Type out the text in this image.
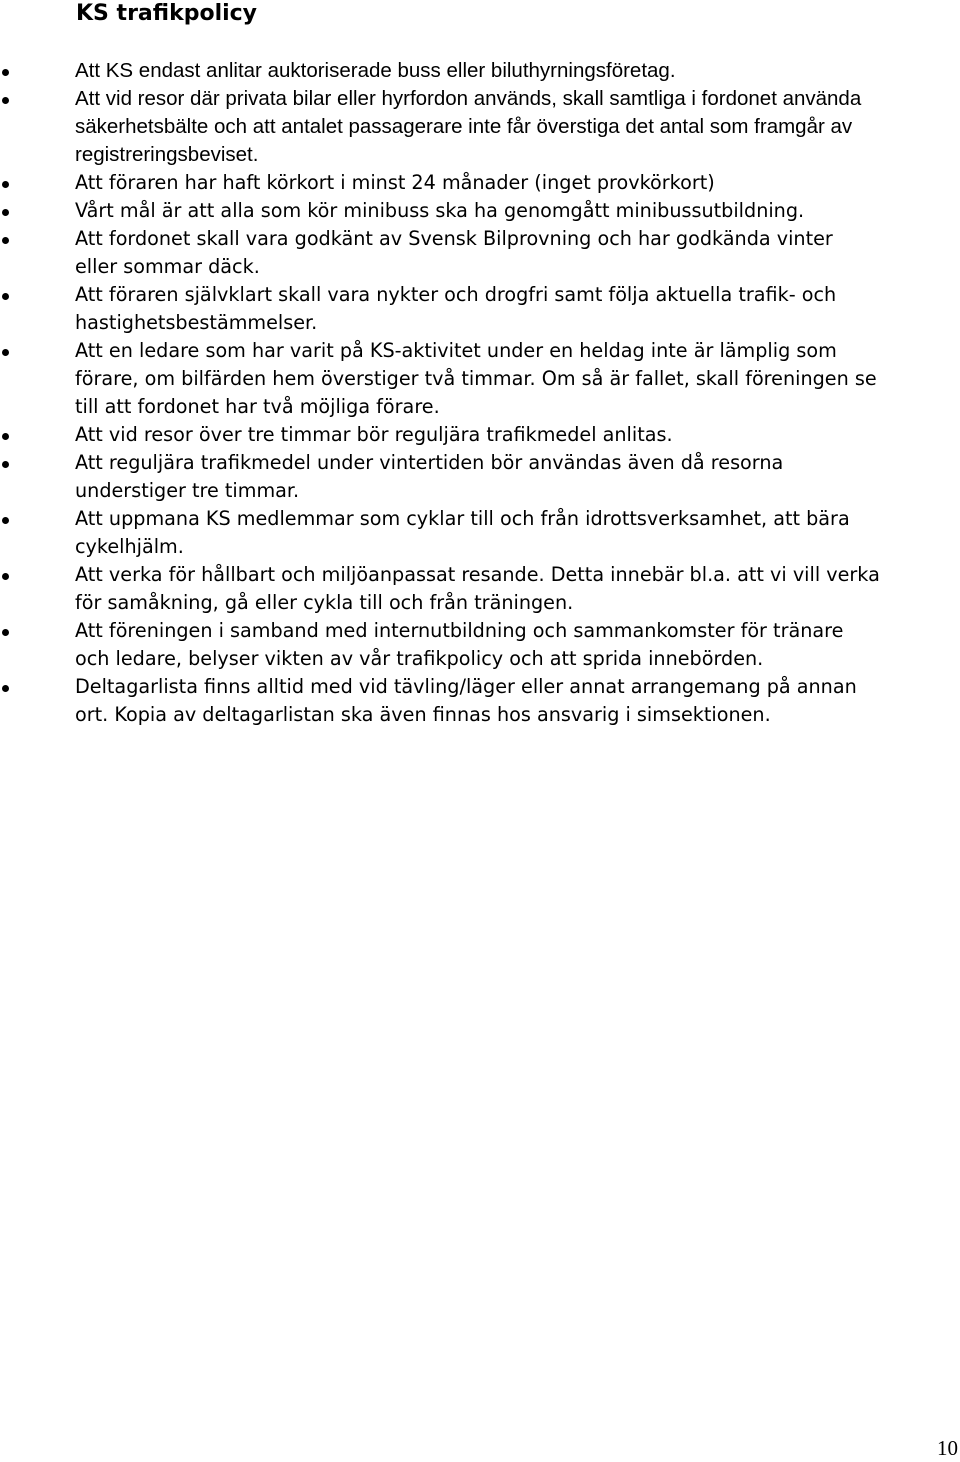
KS trafikpolicy
Att KS endast anlitar auktoriserade buss eller biluthyrningsföretag.
Att vid resor där privata bilar eller hyrfordon används, skall samtliga i fordonet använda säkerhetsbälte och att antalet passagerare inte får överstiga det antal som framgår av registreringsbeviset.
Att föraren har haft körkort i minst 24 månader (inget provkörkort)
Vårt mål är att alla som kör minibuss ska ha genomgått minibussutbildning.
Att fordonet skall vara godkänt av Svensk Bilprovning och har godkända vinter eller sommar däck.
Att föraren självklart skall vara nykter och drogfri samt följa aktuella trafik- och hastighetsbestämmelser.
Att en ledare som har varit på KS-aktivitet under en heldag inte är lämplig som förare, om bilfärden hem överstiger två timmar. Om så är fallet, skall föreningen se till att fordonet har två möjliga förare.
Att vid resor över tre timmar bör reguljära trafikmedel anlitas.
Att reguljära trafikmedel under vintertiden bör användas även då resorna understiger tre timmar.
Att uppmana KS medlemmar som cyklar till och från idrottsverksamhet, att bära cykelhjälm.
Att verka för hållbart och miljöanpassat resande. Detta innebär bl.a. att vi vill verka för samåkning, gå eller cykla till och från träningen.
Att föreningen i samband med internutbildning och sammankomster för tränare och ledare, belyser vikten av vår trafikpolicy och att sprida innebörden.
Deltagarlista finns alltid med vid tävling/läger eller annat arrangemang på annan ort. Kopia av deltagarlistan ska även finnas hos ansvarig i simsektionen.
10
